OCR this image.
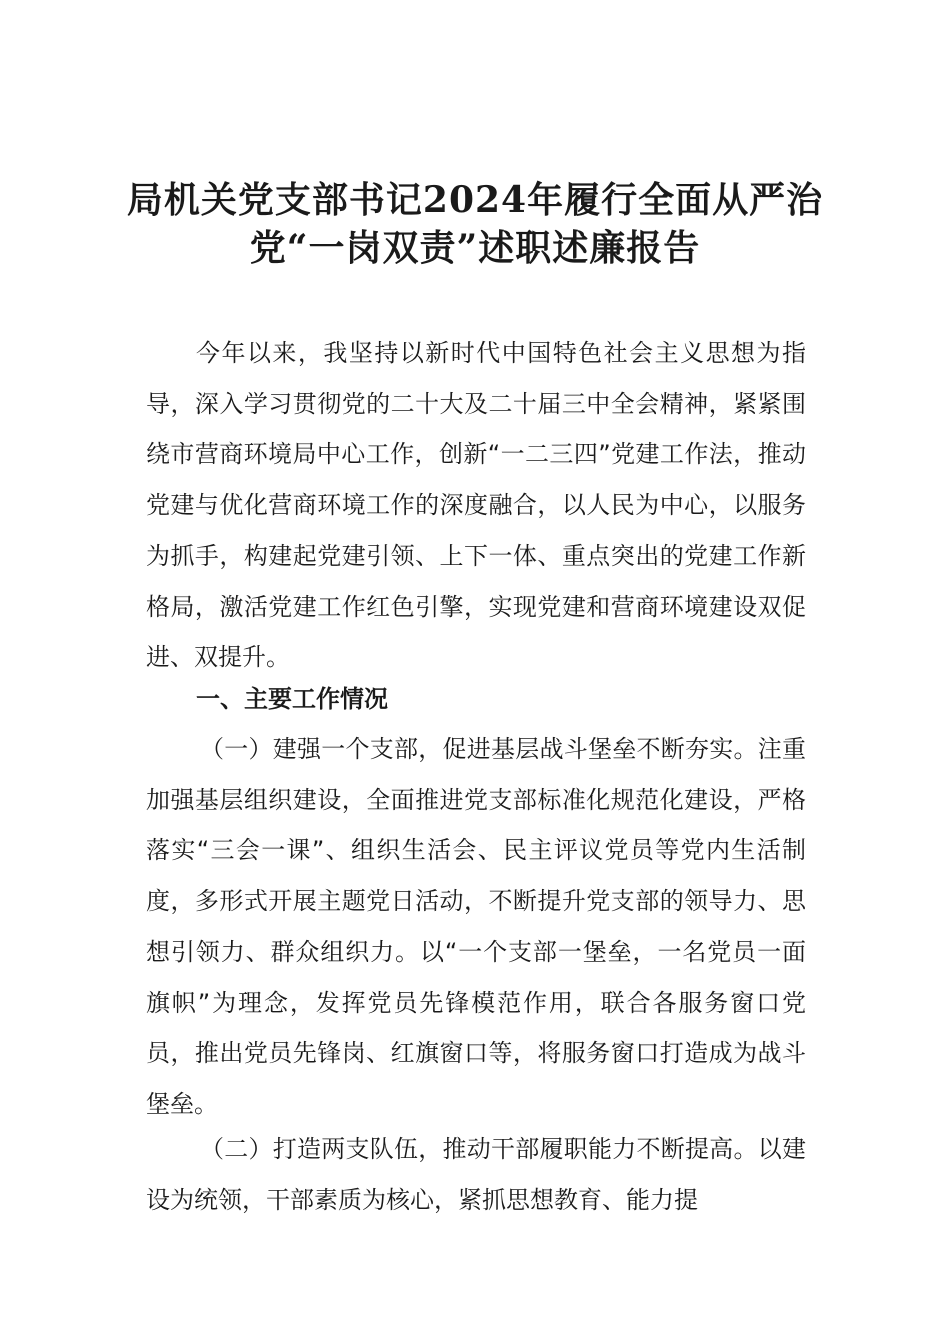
局机关党支部书记2024年履行全面从严治
党“一岗双责”述职述廉报告

今年以来，我坚持以新时代中国特色社会主义思想为指导，深入学习贯彻党的二十大及二十届三中全会精神，紧紧围绕市营商环境局中心工作，创新“一二三四”党建工作法，推动党建与优化营商环境工作的深度融合，以人民为中心，以服务为抓手，构建起党建引领、上下一体、重点突出的党建工作新格局，激活党建工作红色引擎，实现党建和营商环境建设双促进、双提升。

一、主要工作情况

（一）建强一个支部，促进基层战斗堡垒不断夯实。注重加强基层组织建设，全面推进党支部标准化规范化建设，严格落实“三会一课”、组织生活会、民主评议党员等党内生活制度，多形式开展主题党日活动，不断提升党支部的领导力、思想引领力、群众组织力。以“一个支部一堡垒，一名党员一面旗帜”为理念，发挥党员先锋模范作用，联合各服务窗口党员，推出党员先锋岗、红旗窗口等，将服务窗口打造成为战斗堡垒。

（二）打造两支队伍，推动干部履职能力不断提高。以建设为统领，干部素质为核心，紧抓思想教育、能力提
